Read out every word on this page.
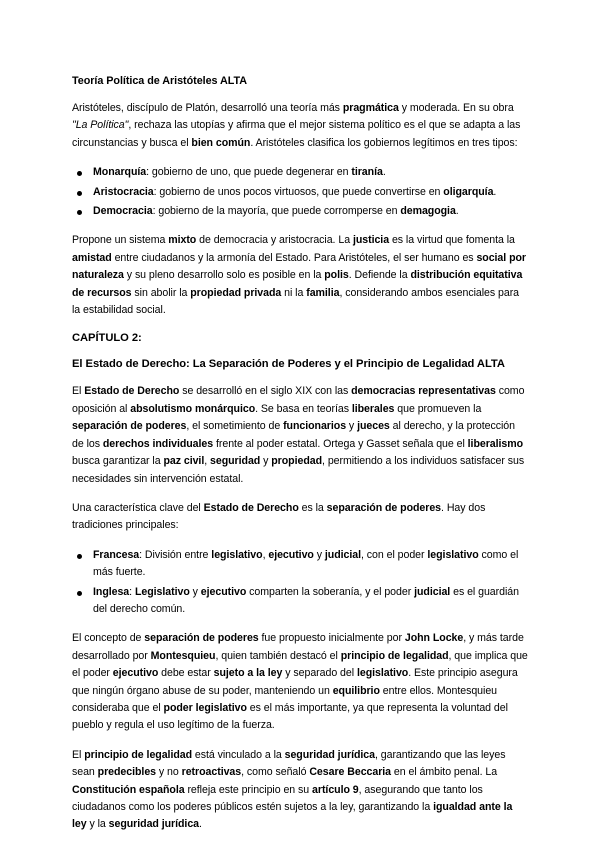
Teoría Política de Aristóteles ALTA

Aristóteles, discípulo de Platón, desarrolló una teoría más pragmática y moderada. En su obra "La Política", rechaza las utopías y afirma que el mejor sistema político es el que se adapta a las circunstancias y busca el bien común. Aristóteles clasifica los gobiernos legítimos en tres tipos:

Monarquía: gobierno de uno, que puede degenerar en tiranía.
Aristocracia: gobierno de unos pocos virtuosos, que puede convertirse en oligarquía.
Democracia: gobierno de la mayoría, que puede corromperse en demagogia.

Propone un sistema mixto de democracia y aristocracia. La justicia es la virtud que fomenta la amistad entre ciudadanos y la armonía del Estado. Para Aristóteles, el ser humano es social por naturaleza y su pleno desarrollo solo es posible en la polis. Defiende la distribución equitativa de recursos sin abolir la propiedad privada ni la familia, considerando ambos esenciales para la estabilidad social.

CAPÍTULO 2:
El Estado de Derecho: La Separación de Poderes y el Principio de Legalidad ALTA

El Estado de Derecho se desarrolló en el siglo XIX con las democracias representativas como oposición al absolutismo monárquico. Se basa en teorías liberales que promueven la separación de poderes, el sometimiento de funcionarios y jueces al derecho, y la protección de los derechos individuales frente al poder estatal. Ortega y Gasset señala que el liberalismo busca garantizar la paz civil, seguridad y propiedad, permitiendo a los individuos satisfacer sus necesidades sin intervención estatal.

Una característica clave del Estado de Derecho es la separación de poderes. Hay dos tradiciones principales:

Francesa: División entre legislativo, ejecutivo y judicial, con el poder legislativo como el más fuerte.
Inglesa: Legislativo y ejecutivo comparten la soberanía, y el poder judicial es el guardián del derecho común.

El concepto de separación de poderes fue propuesto inicialmente por John Locke, y más tarde desarrollado por Montesquieu, quien también destacó el principio de legalidad, que implica que el poder ejecutivo debe estar sujeto a la ley y separado del legislativo. Este principio asegura que ningún órgano abuse de su poder, manteniendo un equilibrio entre ellos. Montesquieu consideraba que el poder legislativo es el más importante, ya que representa la voluntad del pueblo y regula el uso legítimo de la fuerza.

El principio de legalidad está vinculado a la seguridad jurídica, garantizando que las leyes sean predecibles y no retroactivas, como señaló Cesare Beccaria en el ámbito penal. La Constitución española refleja este principio en su artículo 9, asegurando que tanto los ciudadanos como los poderes públicos estén sujetos a la ley, garantizando la igualdad ante la ley y la seguridad jurídica.
